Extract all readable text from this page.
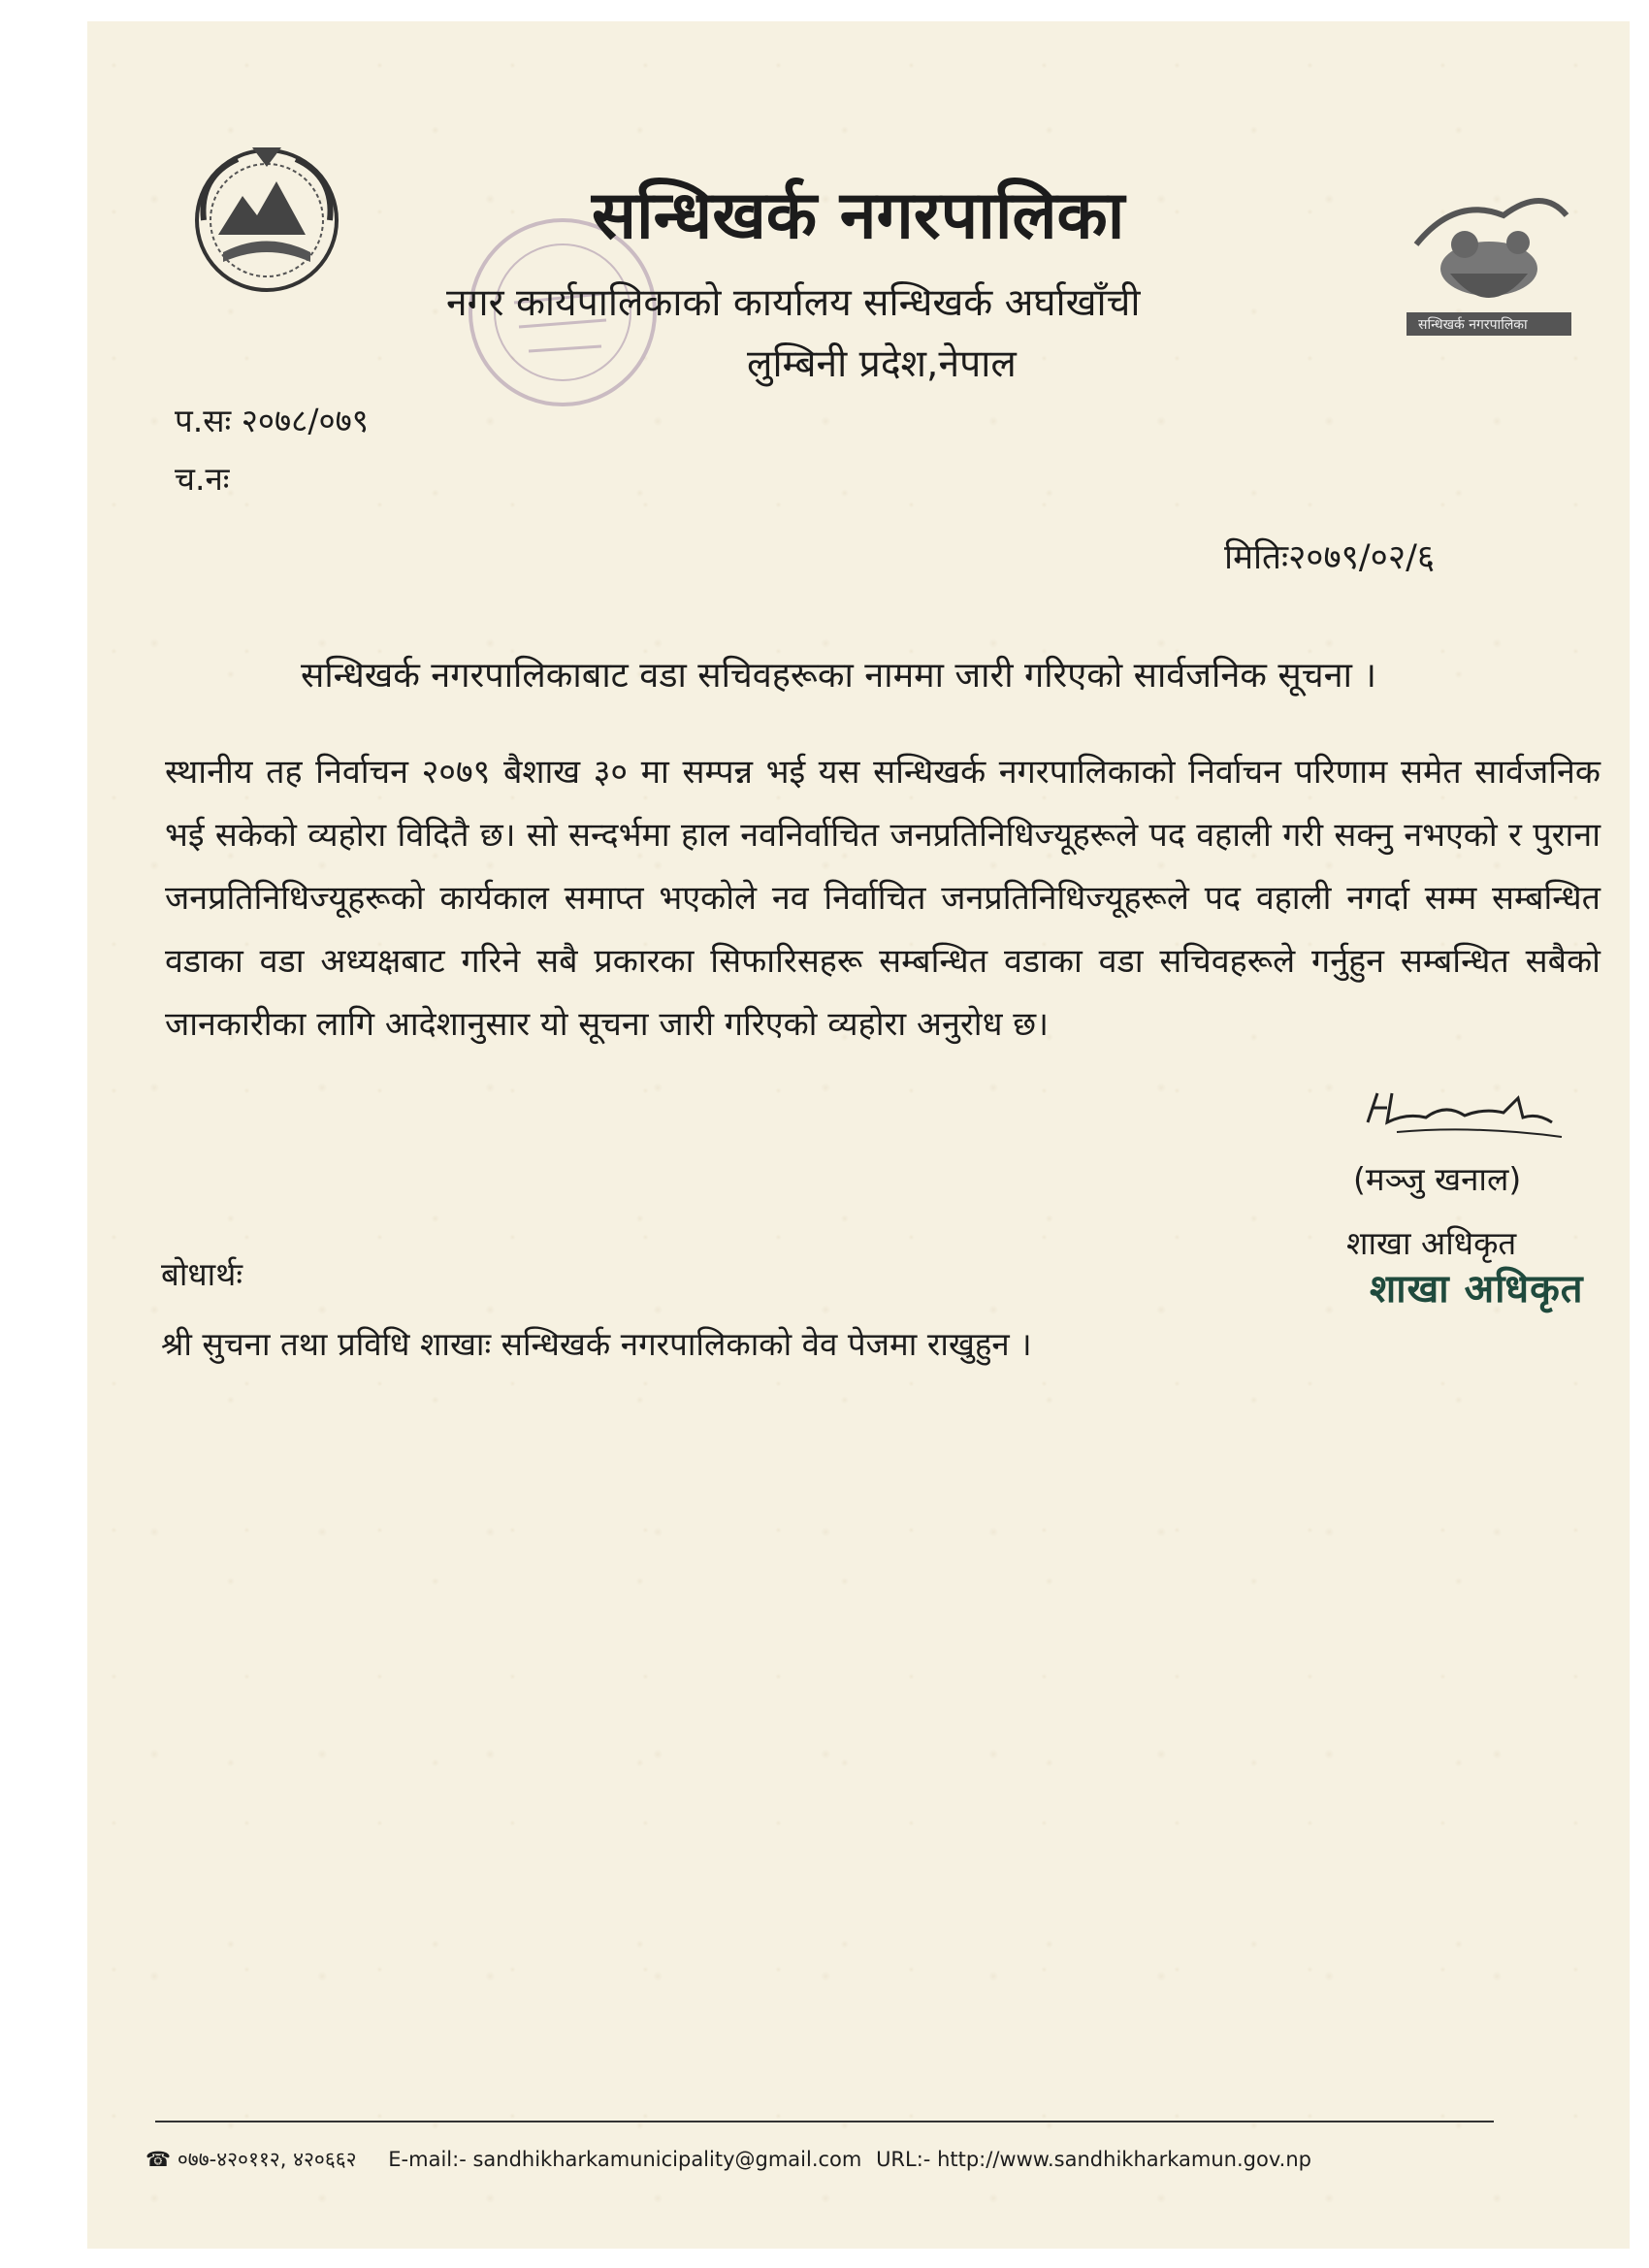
सन्धिखर्क नगरपालिका
नगर कार्यपालिकाको कार्यालय सन्धिखर्क अर्घाखाँची
लुम्बिनी प्रदेश,नेपाल
सन्धिखर्क नगरपालिका
प.सः २०७८/०७९
च.नः
मितिः२०७९/०२/६
सन्धिखर्क नगरपालिकाबाट वडा सचिवहरूका नाममा जारी गरिएको सार्वजनिक सूचना ।
स्थानीय तह निर्वाचन २०७९ बैशाख ३० मा सम्पन्न भई यस सन्धिखर्क नगरपालिकाको निर्वाचन परिणाम समेत सार्वजनिक भई सकेको व्यहोरा विदितै छ। सो सन्दर्भमा हाल नवनिर्वाचित जनप्रतिनिधिज्यूहरूले पद वहाली गरी सक्नु नभएको र पुराना जनप्रतिनिधिज्यूहरूको कार्यकाल समाप्त भएकोले नव निर्वाचित जनप्रतिनिधिज्यूहरूले पद वहाली नगर्दा सम्म सम्बन्धित वडाका वडा अध्यक्षबाट गरिने सबै प्रकारका सिफारिसहरू सम्बन्धित वडाका वडा सचिवहरूले गर्नुहुन सम्बन्धित सबैको जानकारीका लागि आदेशानुसार यो सूचना जारी गरिएको व्यहोरा अनुरोध छ।
(मञ्जु खनाल)
शाखा अधिकृत
शाखा अधिकृत
बोधार्थः
श्री सुचना तथा प्रविधि शाखाः सन्धिखर्क नगरपालिकाको वेव पेजमा राखुहुन ।
☎ ०७७-४२०११२, ४२०६६२ E-mail:- sandhikharkamunicipality@gmail.com URL:- http://www.sandhikharkamun.gov.np
